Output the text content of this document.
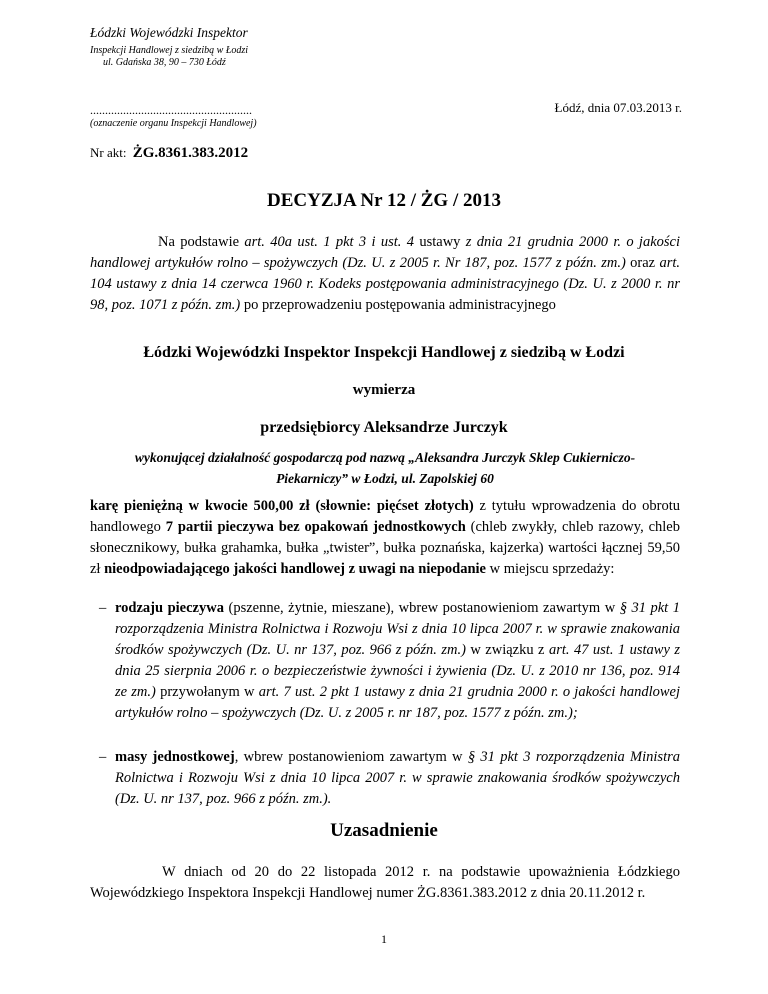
Łódzki Wojewódzki Inspektor
Inspekcji Handlowej z siedzibą w Łodzi
ul. Gdańska 38, 90 – 730 Łódź
......................................................
(oznaczenie organu Inspekcji Handlowej)
Łódź, dnia 07.03.2013 r.
Nr akt: ŻG.8361.383.2012
DECYZJA Nr 12 / ŻG / 2013
Na podstawie art. 40a ust. 1 pkt 3 i ust. 4 ustawy z dnia 21 grudnia 2000 r. o jakości handlowej artykułów rolno – spożywczych (Dz. U. z 2005 r. Nr 187, poz. 1577 z późn. zm.) oraz art. 104 ustawy z dnia 14 czerwca 1960 r. Kodeks postępowania administracyjnego (Dz. U. z 2000 r. nr 98, poz. 1071 z późn. zm.) po przeprowadzeniu postępowania administracyjnego
Łódzki Wojewódzki Inspektor Inspekcji Handlowej z siedzibą w Łodzi
wymierza
przedsiębiorcy Aleksandrze Jurczyk
wykonującej działalność gospodarczą pod nazwą „Aleksandra Jurczyk Sklep Cukierniczo-Piekarniczy” w Łodzi, ul. Zapolskiej 60
karę pieniężną w kwocie 500,00 zł (słownie: pięćset złotych) z tytułu wprowadzenia do obrotu handlowego 7 partii pieczywa bez opakowań jednostkowych (chleb zwykły, chleb razowy, chleb słonecznikowy, bułka grahamka, bułka „twister”, bułka poznańska, kajzerka) wartości łącznej 59,50 zł nieodpowiadającego jakości handlowej z uwagi na niepodanie w miejscu sprzedaży:
– rodzaju pieczywa (pszenne, żytnie, mieszane), wbrew postanowieniom zawartym w § 31 pkt 1 rozporządzenia Ministra Rolnictwa i Rozwoju Wsi z dnia 10 lipca 2007 r. w sprawie znakowania środków spożywczych (Dz. U. nr 137, poz. 966 z późn. zm.) w związku z art. 47 ust. 1 ustawy z dnia 25 sierpnia 2006 r. o bezpieczeństwie żywności i żywienia (Dz. U. z 2010 nr 136, poz. 914 ze zm.) przywołanym w art. 7 ust. 2 pkt 1 ustawy z dnia 21 grudnia 2000 r. o jakości handlowej artykułów rolno – spożywczych (Dz. U. z 2005 r. nr 187, poz. 1577 z późn. zm.);
– masy jednostkowej, wbrew postanowieniom zawartym w § 31 pkt 3 rozporządzenia Ministra Rolnictwa i Rozwoju Wsi z dnia 10 lipca 2007 r. w sprawie znakowania środków spożywczych (Dz. U. nr 137, poz. 966 z późn. zm.).
Uzasadnienie
W dniach od 20 do 22 listopada 2012 r. na podstawie upoważnienia Łódzkiego Wojewódzkiego Inspektora Inspekcji Handlowej numer ŻG.8361.383.2012 z dnia 20.11.2012 r.
1
